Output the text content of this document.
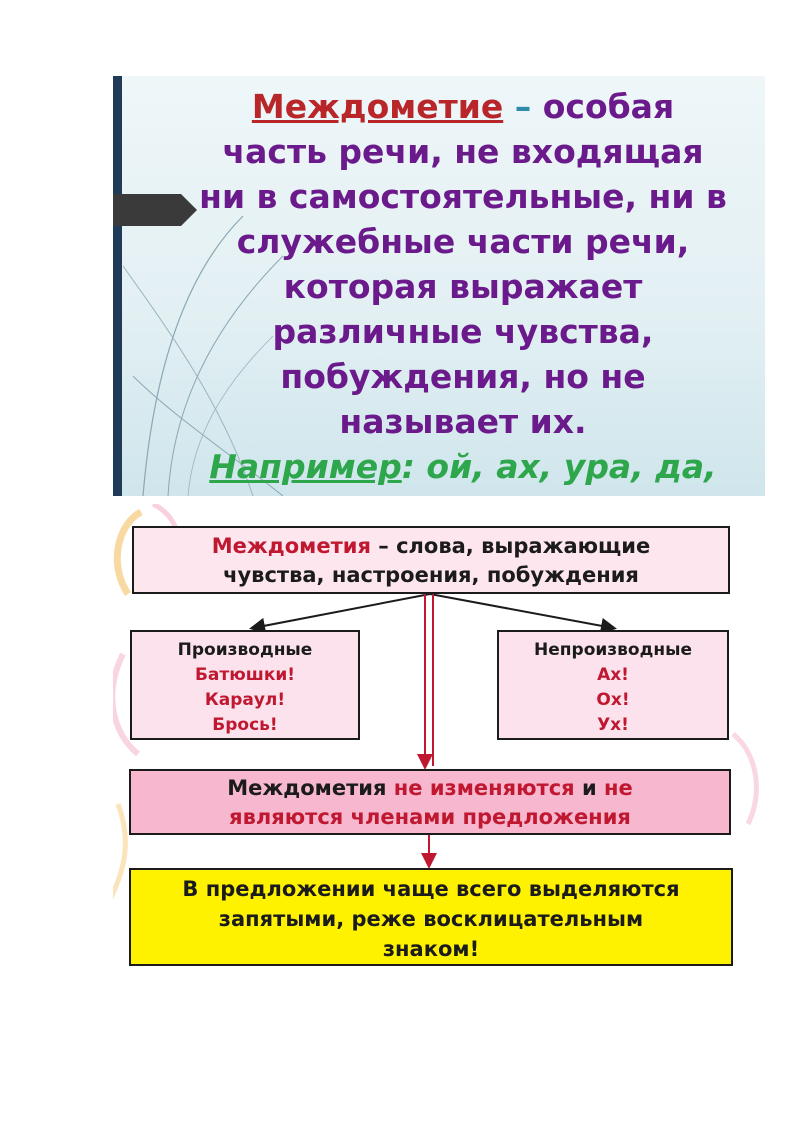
Междометие – особая
часть речи, не входящая
ни в самостоятельные, ни в
служебные части речи,
которая выражает
различные чувства,
побуждения, но не
называет их.
Например: ой, ах, ура, да,
Междометия – слова, выражающие
чувства, настроения, побуждения
Производные
Батюшки!
Караул!
Брось!
Непроизводные
Ах!
Ох!
Ух!
Междометия не изменяются и не
являются членами предложения
В предложении чаще всего выделяются
запятыми, реже восклицательным
знаком!
